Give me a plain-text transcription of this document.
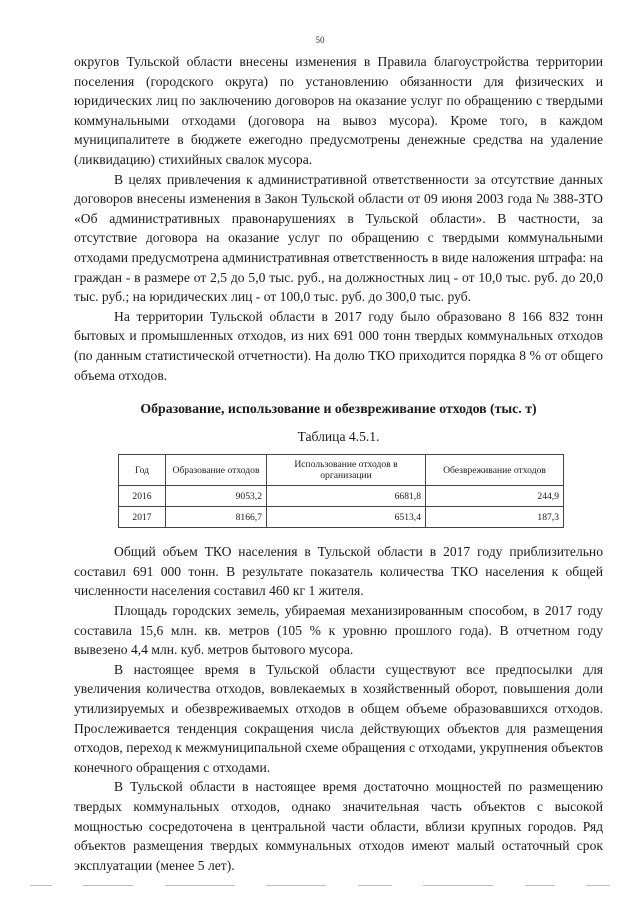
50

округов Тульской области внесены изменения в Правила благоустройства территории поселения (городского округа) по установлению обязанности для физических и юридических лиц по заключению договоров на оказание услуг по обращению с твердыми коммунальными отходами (договора на вывоз мусора). Кроме того, в каждом муниципалитете в бюджете ежегодно предусмотрены денежные средства на удаление (ликвидацию) стихийных свалок мусора.

В целях привлечения к административной ответственности за отсутствие данных договоров внесены изменения в Закон Тульской области от 09 июня 2003 года № 388-ЗТО «Об административных правонарушениях в Тульской области». В частности, за отсутствие договора на оказание услуг по обращению с твердыми коммунальными отходами предусмотрена административная ответственность в виде наложения штрафа: на граждан - в размере от 2,5 до 5,0 тыс. руб., на должностных лиц - от 10,0 тыс. руб. до 20,0 тыс. руб.; на юридических лиц - от 100,0 тыс. руб. до 300,0 тыс. руб.

На территории Тульской области в 2017 году было образовано 8 166 832 тонн бытовых и промышленных отходов, из них 691 000 тонн твердых коммунальных отходов (по данным статистической отчетности). На долю ТКО приходится порядка 8 % от общего объема отходов.

Образование, использование и обезвреживание отходов (тыс. т)

Таблица 4.5.1.

Год	Образование отходов	Использование отходов в организации	Обезвреживание отходов
2016	9053,2	6681,8	244,9
2017	8166,7	6513,4	187,3

Общий объем ТКО населения в Тульской области в 2017 году приблизительно составил 691 000 тонн. В результате показатель количества ТКО населения к общей численности населения составил 460 кг 1 жителя.

Площадь городских земель, убираемая механизированным способом, в 2017 году составила 15,6 млн. кв. метров (105 % к уровню прошлого года). В отчетном году вывезено 4,4 млн. куб. метров бытового мусора.

В настоящее время в Тульской области существуют все предпосылки для увеличения количества отходов, вовлекаемых в хозяйственный оборот, повышения доли утилизируемых и обезвреживаемых отходов в общем объеме образовавшихся отходов. Прослеживается тенденция сокращения числа действующих объектов для размещения отходов, переход к межмуниципальной схеме обращения с отходами, укрупнения объектов конечного обращения с отходами.

В Тульской области в настоящее время достаточно мощностей по размещению твердых коммунальных отходов, однако значительная часть объектов с высокой мощностью сосредоточена в центральной части области, вблизи крупных городов. Ряд объектов размещения твердых коммунальных отходов имеют малый остаточный срок эксплуатации (менее 5 лет).
